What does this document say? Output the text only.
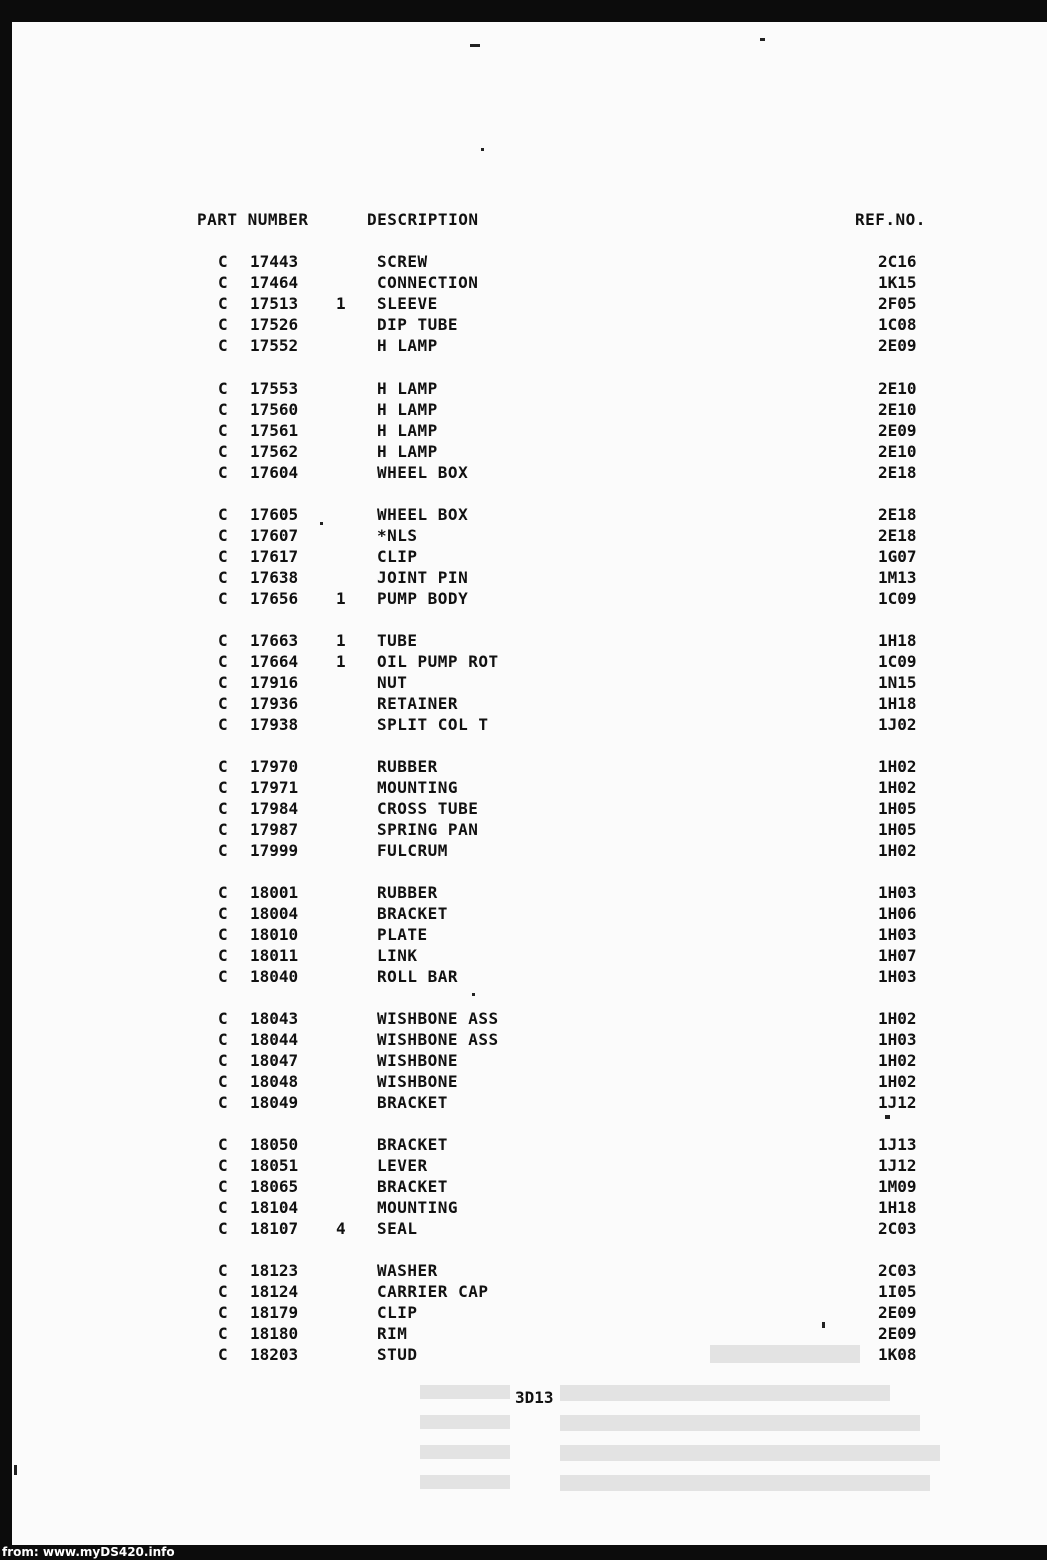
PART NUMBER	DESCRIPTION	REF.NO.
C 17443	SCREW	2C16
C 17464	CONNECTION	1K15
C 17513 1 SLEEVE	2F05
C 17526	DIP TUBE	1C08
C 17552	H LAMP	2E09
C 17553	H LAMP	2E10
C 17560	H LAMP	2E10
C 17561	H LAMP	2E09
C 17562	H LAMP	2E10
C 17604	WHEEL BOX	2E18
C 17605	WHEEL BOX	2E18
C 17607	*NLS	2E18
C 17617	CLIP	1G07
C 17638	JOINT PIN	1M13
C 17656 1 PUMP BODY	1C09
C 17663 1 TUBE	1H18
C 17664 1 OIL PUMP ROT	1C09
C 17916	NUT	1N15
C 17936	RETAINER	1H18
C 17938	SPLIT COL T	1J02
C 17970	RUBBER	1H02
C 17971	MOUNTING	1H02
C 17984	CROSS TUBE	1H05
C 17987	SPRING PAN	1H05
C 17999	FULCRUM	1H02
C 18001	RUBBER	1H03
C 18004	BRACKET	1H06
C 18010	PLATE	1H03
C 18011	LINK	1H07
C 18040	ROLL BAR	1H03
C 18043	WISHBONE ASS	1H02
C 18044	WISHBONE ASS	1H03
C 18047	WISHBONE	1H02
C 18048	WISHBONE	1H02
C 18049	BRACKET	1J12
C 18050	BRACKET	1J13
C 18051	LEVER	1J12
C 18065	BRACKET	1M09
C 18104	MOUNTING	1H18
C 18107 4 SEAL	2C03
C 18123	WASHER	2C03
C 18124	CARRIER CAP	1I05
C 18179	CLIP	2E09
C 18180	RIM	2E09
C 18203	STUD	1K08
3D13
from: www.myDS420.info
